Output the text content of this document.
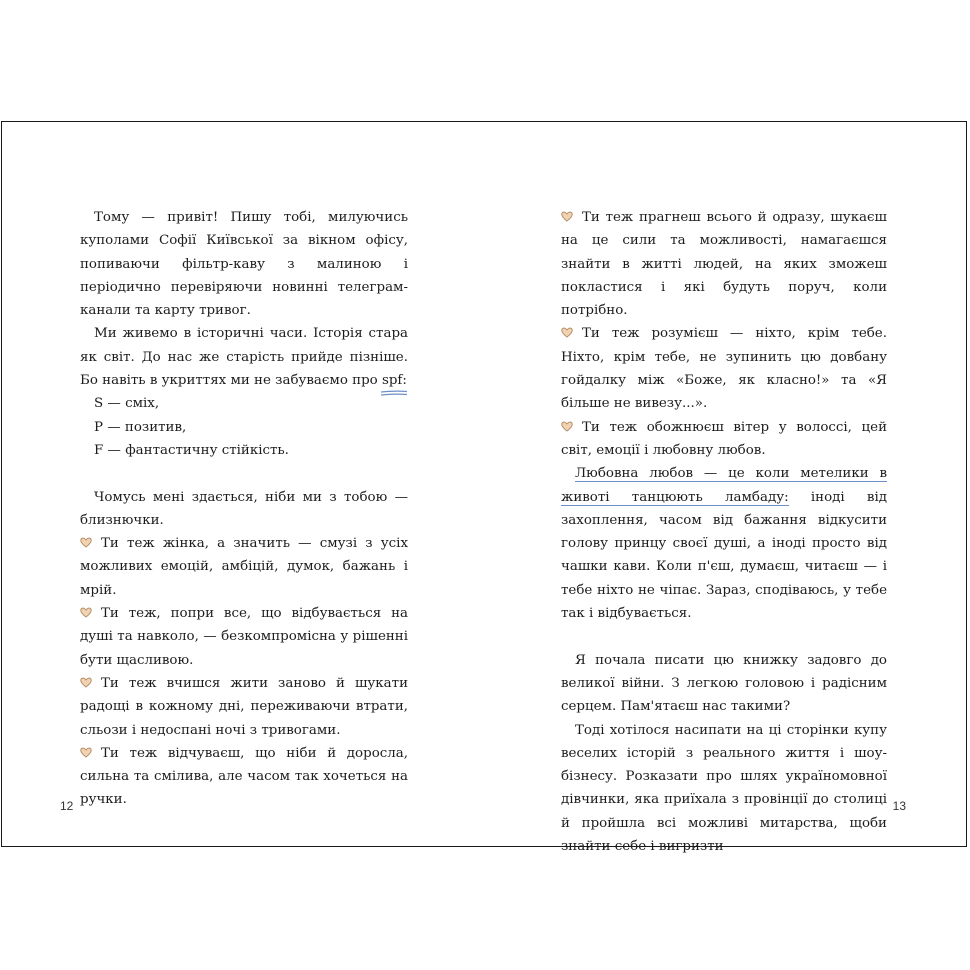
Тому — привіт! Пишу тобі, милуючись куполами Софії Київської за вікном офісу, попиваючи фільтр-каву з малиною і періодично перевіряючи новинні телеграм-канали та карту тривог.

Ми живемо в історичні часи. Історія стара як світ. До нас же старість прийде пізніше. Бо навіть в укриттях ми не забуваємо про spf
:

S — сміх,

P — позитив,

F — фантастичну стійкість.

Чомусь мені здається, ніби ми з тобою — близнючки.

Ти теж жінка, а значить — смузі з усіх можливих емоцій, амбіцій, думок, бажань і мрій.

Ти теж, попри все, що відбувається на душі та навколо, — безкомпромісна у рішенні бути щасливою.

Ти теж вчишся жити заново й шукати радощі в кожному дні, переживаючи втрати, сльози і недоспані ночі з тривогами.

Ти теж відчуваєш, що ніби й доросла, сильна та смілива, але часом так хочеться на ручки.

12

Ти теж прагнеш всього й одразу, шукаєш на це сили та можливості, намагаєшся знайти в житті людей, на яких зможеш покластися і які будуть поруч, коли потрібно.

Ти теж розумієш — ніхто, крім тебе. Ніхто, крім тебе, не зупинить цю довбану гойдалку між «Боже, як класно!» та «Я більше не вивезу...».

Ти теж обожнюєш вітер у волоссі, цей світ, емоції і любовну любов.

Любовна любов — це коли метелики в животі танцюють ламбаду: іноді від захоплення, часом від бажання відкусити голову принцу своєї душі, а іноді просто від чашки кави. Коли п'єш, думаєш, читаєш — і тебе ніхто не чіпає. Зараз, сподіваюсь, у тебе так і відбувається.

Я почала писати цю книжку задовго до великої війни. З легкою головою і радісним серцем. Пам'ятаєш нас такими?

Тоді хотілося насипати на ці сторінки купу веселих історій з реального життя і шоу-бізнесу. Розказати про шлях україномовної дівчинки, яка приїхала з провінції до столиці й пройшла всі можливі митарства, щоби знайти себе і вигризти

13
